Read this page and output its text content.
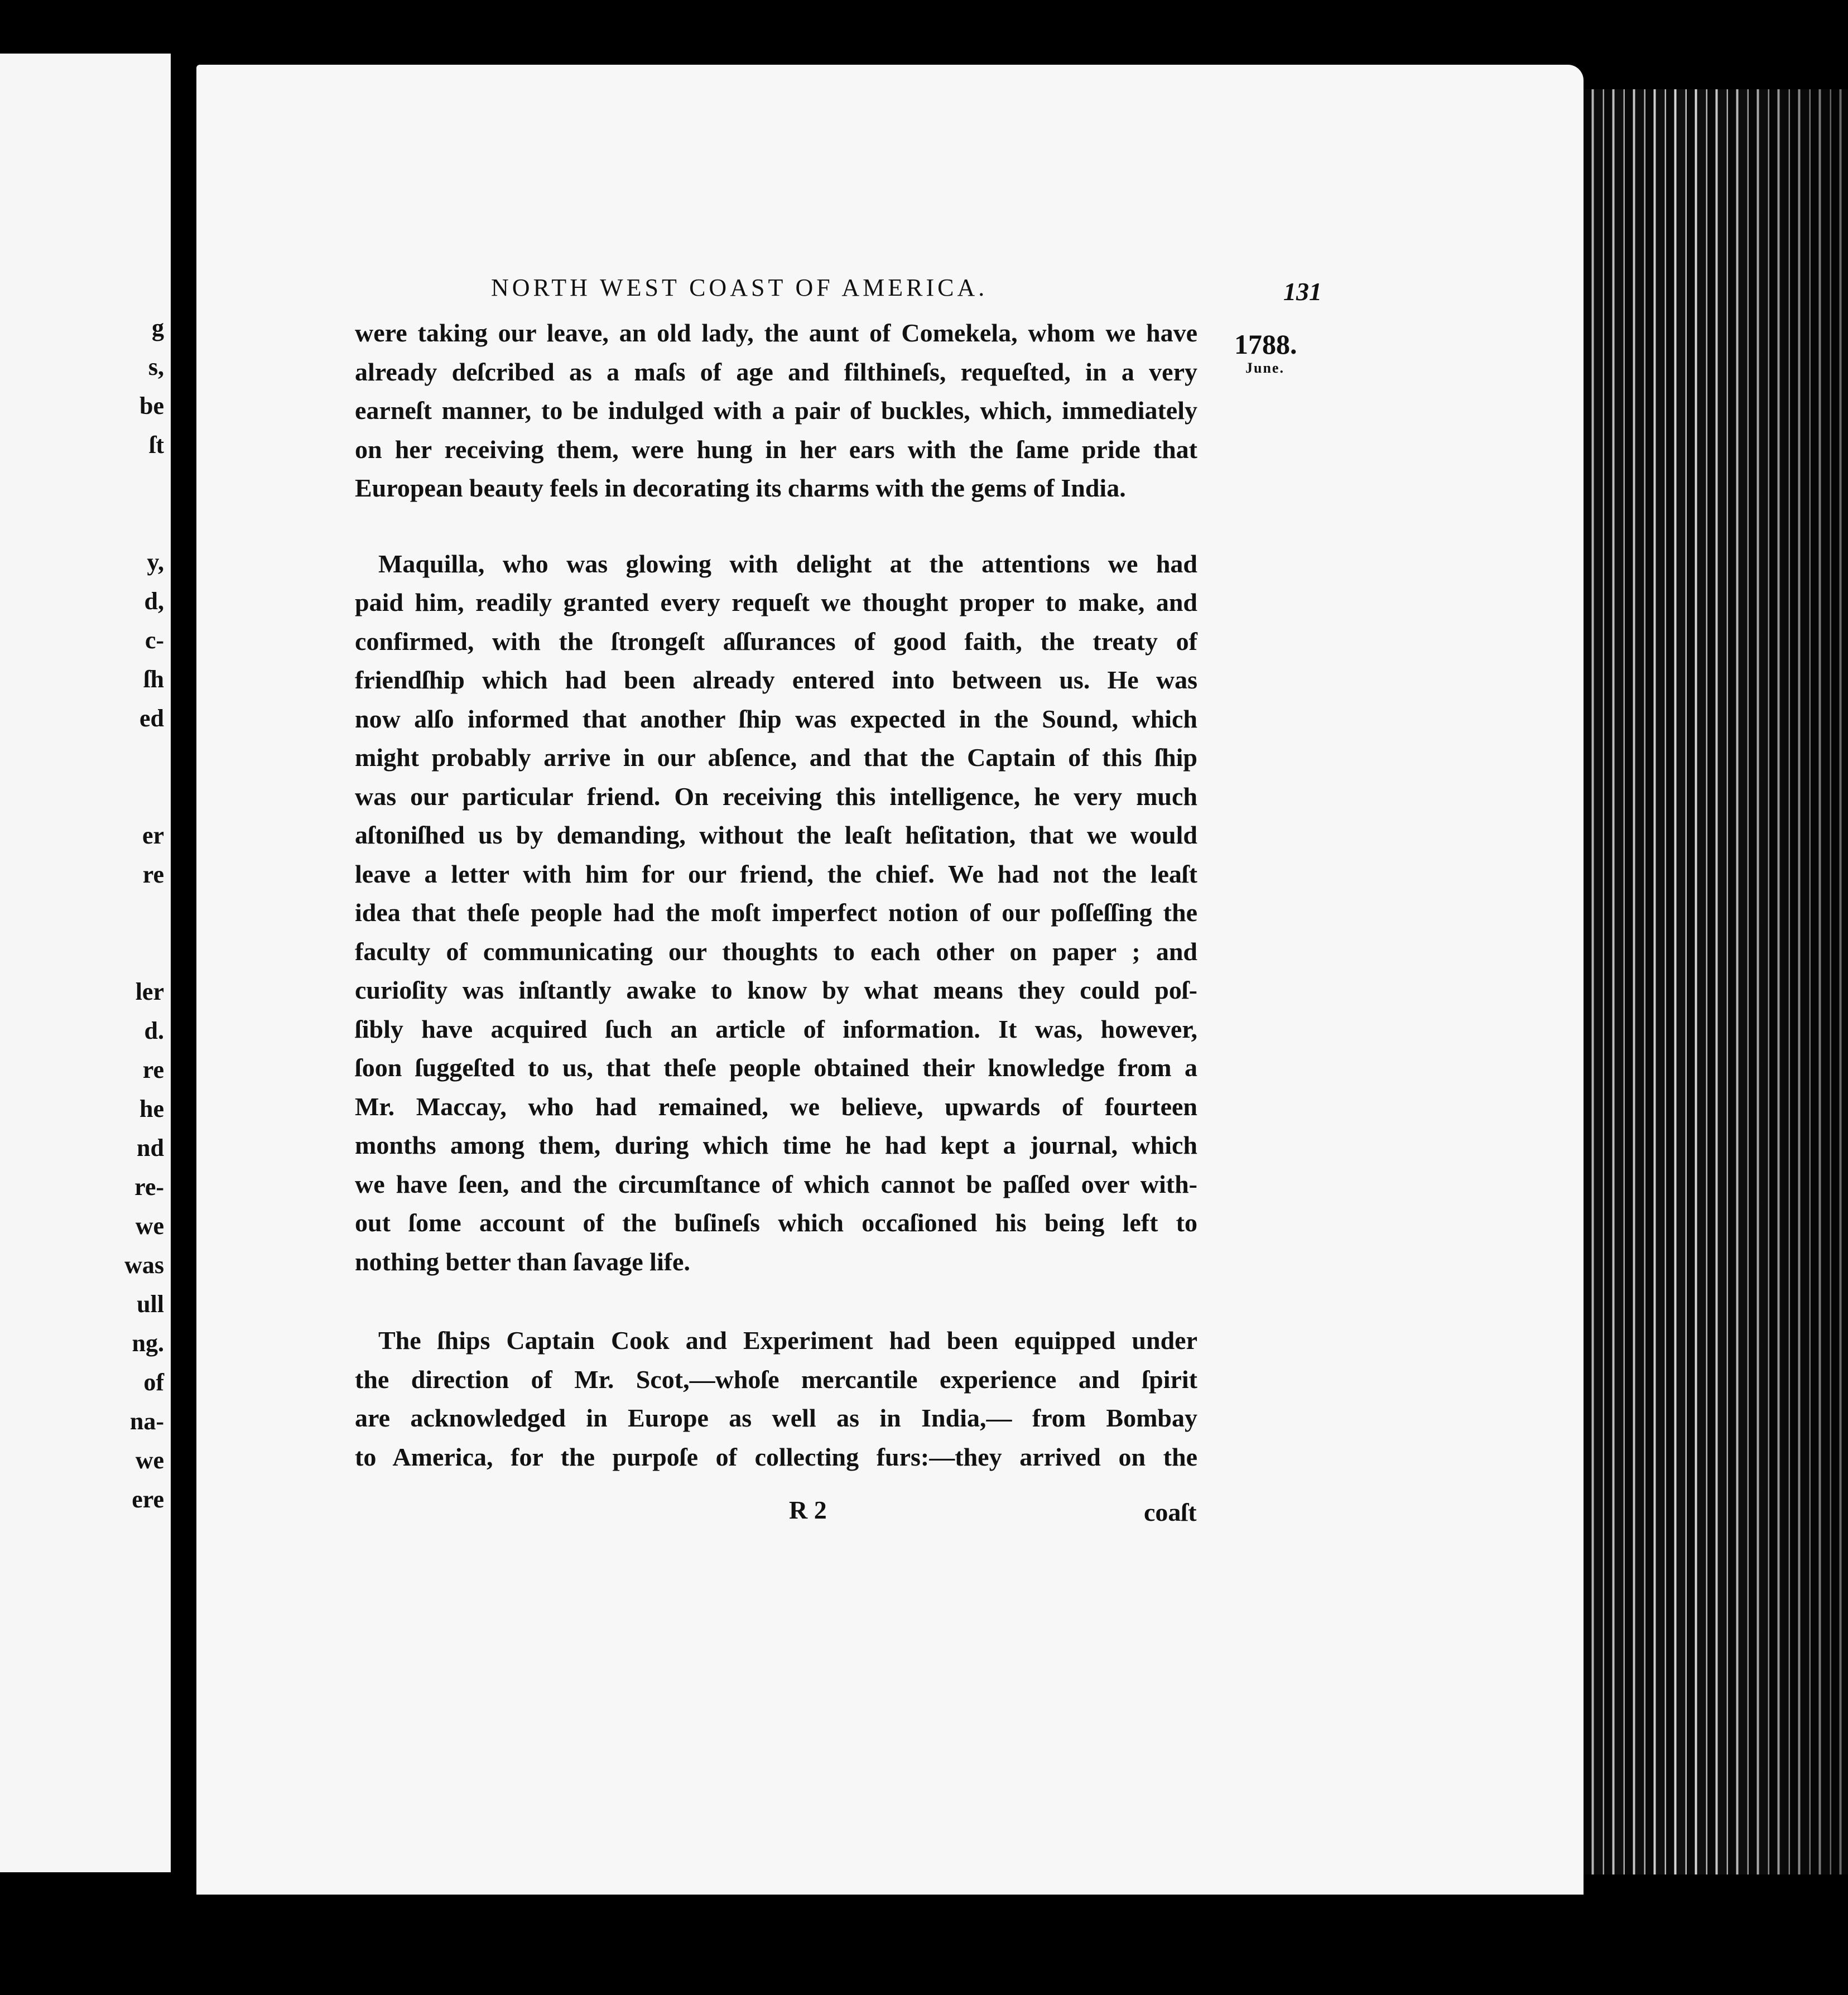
g
s,
be
ſt
y,
d,
c-
ſh
ed
er
re
ler
d.
re
he
nd
re-
we
was
ull
ng.
of
na-
we
ere
NORTH WEST COAST OF AMERICA.	131
1788.
June.

were taking our leave, an old lady, the aunt of Comekela, whom we have
already deſcribed as a maſs of age and filthineſs, requeſted, in a very
earneſt manner, to be indulged with a pair of buckles, which, immediately
on her receiving them, were hung in her ears with the ſame pride that
European beauty feels in decorating its charms with the gems of India.

Maquilla, who was glowing with delight at the attentions we had
paid him, readily granted every requeſt we thought proper to make, and
confirmed, with the ſtrongeſt aſſurances of good faith, the treaty of
friendſhip which had been already entered into between us. He was
now alſo informed that another ſhip was expected in the Sound, which
might probably arrive in our abſence, and that the Captain of this ſhip
was our particular friend. On receiving this intelligence, he very much
aſtoniſhed us by demanding, without the leaſt heſitation, that we would
leave a letter with him for our friend, the chief. We had not the leaſt
idea that theſe people had the moſt imperfect notion of our poſſeſſing the
faculty of communicating our thoughts to each other on paper ; and
curioſity was inſtantly awake to know by what means they could poſ-
ſibly have acquired ſuch an article of information. It was, however,
ſoon ſuggeſted to us, that theſe people obtained their knowledge from a
Mr. Maccay, who had remained, we believe, upwards of fourteen
months among them, during which time he had kept a journal, which
we have ſeen, and the circumſtance of which cannot be paſſed over with-
out ſome account of the buſineſs which occaſioned his being left to
nothing better than ſavage life.

The ſhips Captain Cook and Experiment had been equipped under
the direction of Mr. Scot,—whoſe mercantile experience and ſpirit
are acknowledged in Europe as well as in India,— from Bombay
to America, for the purpoſe of collecting furs:—they arrived on the

R 2	coaſt
